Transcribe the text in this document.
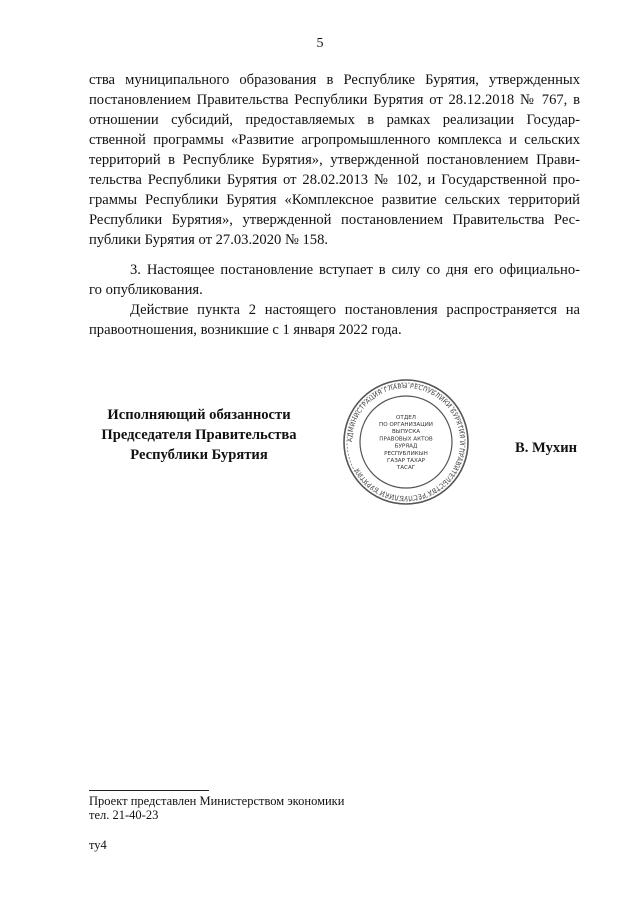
5
ства муниципального образования в Республике Бурятия, утвержденных
постановлением Правительства Республики Бурятия от 28.12.2018 № 767, в
отношении субсидий, предоставляемых в рамках реализации Государ-
ственной программы «Развитие агропромышленного комплекса и сельских
территорий в Республике Бурятия», утвержденной постановлением Прави-
тельства Республики Бурятия от 28.02.2013 № 102, и Государственной про-
граммы Республики Бурятия «Комплексное развитие сельских территорий
Республики Бурятия», утвержденной постановлением Правительства Рес-
публики Бурятия от 27.03.2020 № 158.
3. Настоящее постановление вступает в силу со дня его официально-
го опубликования.
Действие пункта 2 настоящего постановления распространяется на
правоотношения, возникшие с 1 января 2022 года.
Исполняющий обязанности
Председателя Правительства
Республики Бурятия
АДМИНИСТРАЦИЯ ГЛАВЫ РЕСПУБЛИКИ БУРЯТИЯ И ПРАВИТЕЛЬСТВА РЕСПУБЛИКИ БУРЯТИЯ
ОТДЕЛ
ПО ОРГАНИЗАЦИИ
ВЫПУСКА
ПРАВОВЫХ АКТОВ
БУРЯАД
РЕСПУБЛИКЫН
ГАЗАР ТАХАР
ТАСАГ
В. Мухин
Проект представлен Министерством экономики
тел. 21-40-23
ту4
